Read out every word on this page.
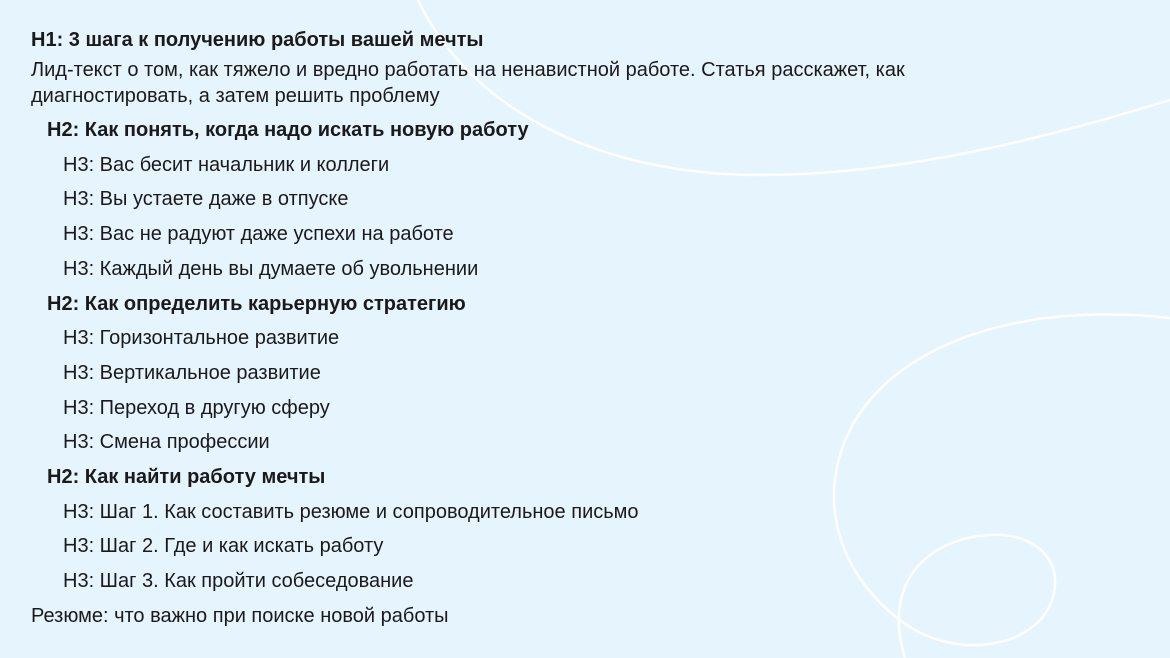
H1: 3 шага к получению работы вашей мечты
Лид-текст о том, как тяжело и вредно работать на ненавистной работе. Статья расскажет, как диагностировать, а затем решить проблему
H2: Как понять, когда надо искать новую работу
H3: Вас бесит начальник и коллеги
H3: Вы устаете даже в отпуске
H3: Вас не радуют даже успехи на работе
H3: Каждый день вы думаете об увольнении
H2: Как определить карьерную стратегию
H3: Горизонтальное развитие
H3: Вертикальное развитие
H3: Переход в другую сферу
H3: Смена профессии
H2: Как найти работу мечты
H3: Шаг 1. Как составить резюме и сопроводительное письмо
H3: Шаг 2. Где и как искать работу
H3: Шаг 3. Как пройти собеседование
Резюме: что важно при поиске новой работы
